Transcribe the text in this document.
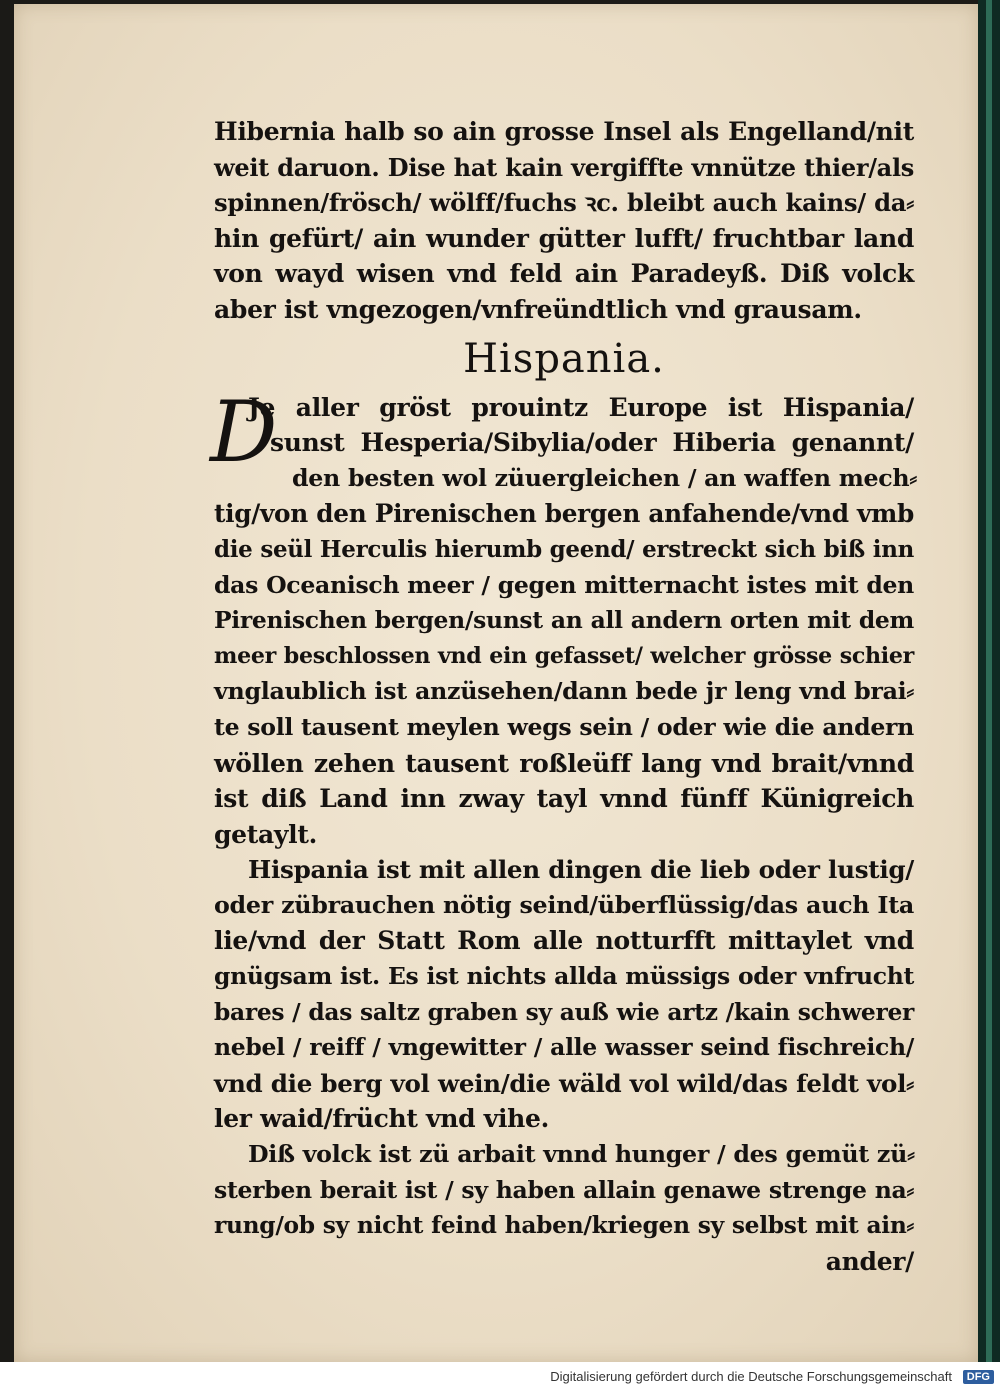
Hibernia halb so ain grosse Insel als Engelland/nit
weit daruon. Dise hat kain vergiffte vnnütze thier/als
spinnen/frösch/ wölff/fuchs ꝛc. bleibt auch kains/ da⸗
hin gefürt/ ain wunder gütter lufft/ fruchtbar land
von wayd wisen vnd feld ain Paradeyß. Diß volck
aber ist vngezogen/vnfreündtlich vnd grausam.
Hispania.
D
Je aller gröst prouintz Europe ist Hispania/
sunst Hesperia/Sibylia/oder Hiberia genannt/
den besten wol züuergleichen / an waffen mech⸗
tig/von den Pirenischen bergen anfahende/vnd vmb
die seül Herculis hierumb geend/ erstreckt sich biß inn
das Oceanisch meer / gegen mitternacht istes mit den
Pirenischen bergen/sunst an all andern orten mit dem
meer beschlossen vnd ein gefasset/ welcher grösse schier
vnglaublich ist anzüsehen/dann bede jr leng vnd brai⸗
te soll tausent meylen wegs sein / oder wie die andern
wöllen zehen tausent roßleüff lang vnd brait/vnnd
ist diß Land inn zway tayl vnnd fünff Künigreich
getaylt.
Hispania ist mit allen dingen die lieb oder lustig/
oder zübrauchen nötig seind/überflüssig/das auch Ita
lie/vnd der Statt Rom alle notturfft mittaylet vnd
gnügsam ist. Es ist nichts allda müssigs oder vnfrucht
bares / das saltz graben sy auß wie artz /kain schwerer
nebel / reiff / vngewitter / alle wasser seind fischreich/
vnd die berg vol wein/die wäld vol wild/das feldt vol⸗
ler waid/frücht vnd vihe.
Diß volck ist zü arbait vnnd hunger / des gemüt zü⸗
sterben berait ist / sy haben allain genawe strenge na⸗
rung/ob sy nicht feind haben/kriegen sy selbst mit ain⸗
ander/
Digitalisierung gefördert durch die Deutsche Forschungsgemeinschaft	DFG
